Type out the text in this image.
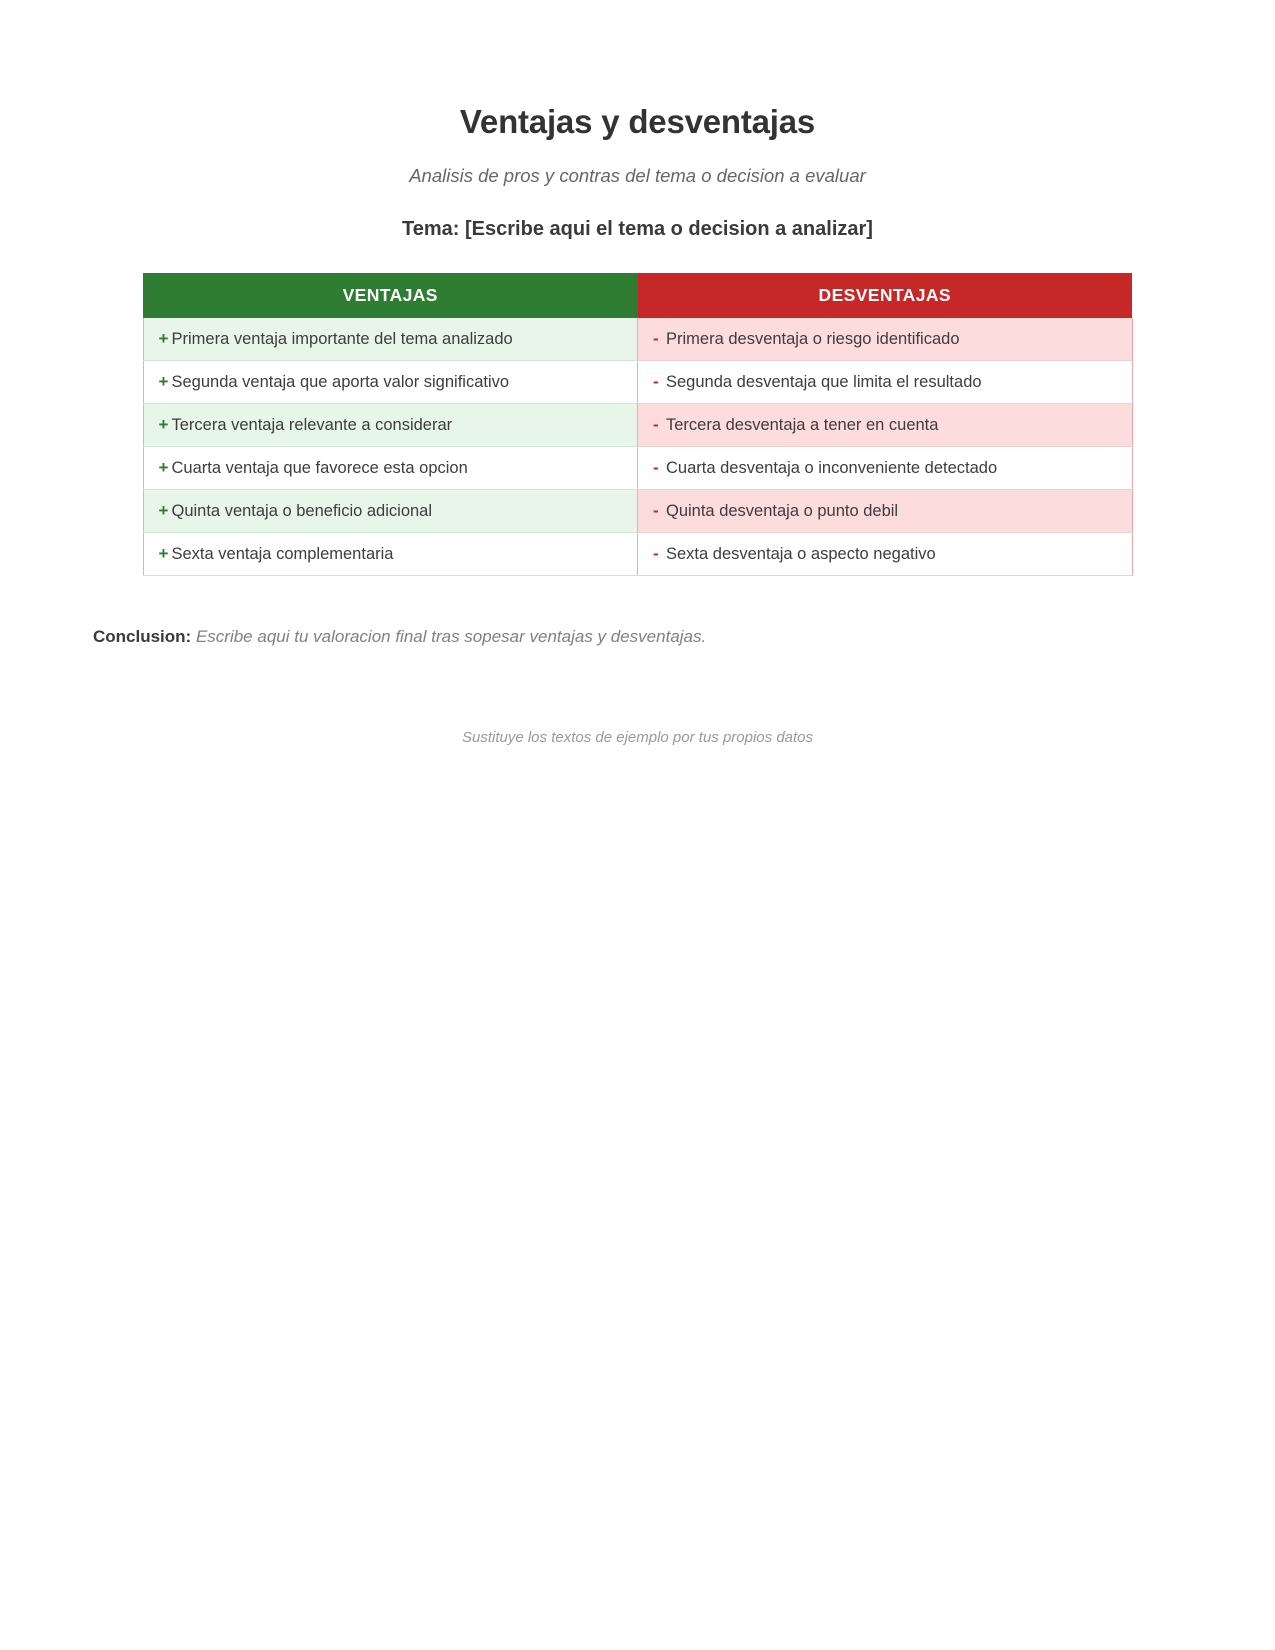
Ventajas y desventajas

Analisis de pros y contras del tema o decision a evaluar

Tema: [Escribe aqui el tema o decision a analizar]

VENTAJAS	DESVENTAJAS
+ Primera ventaja importante del tema analizado	- Primera desventaja o riesgo identificado
+ Segunda ventaja que aporta valor significativo	- Segunda desventaja que limita el resultado
+ Tercera ventaja relevante a considerar	- Tercera desventaja a tener en cuenta
+ Cuarta ventaja que favorece esta opcion	- Cuarta desventaja o inconveniente detectado
+ Quinta ventaja o beneficio adicional	- Quinta desventaja o punto debil
+ Sexta ventaja complementaria	- Sexta desventaja o aspecto negativo

Conclusion: Escribe aqui tu valoracion final tras sopesar ventajas y desventajas.

Sustituye los textos de ejemplo por tus propios datos
